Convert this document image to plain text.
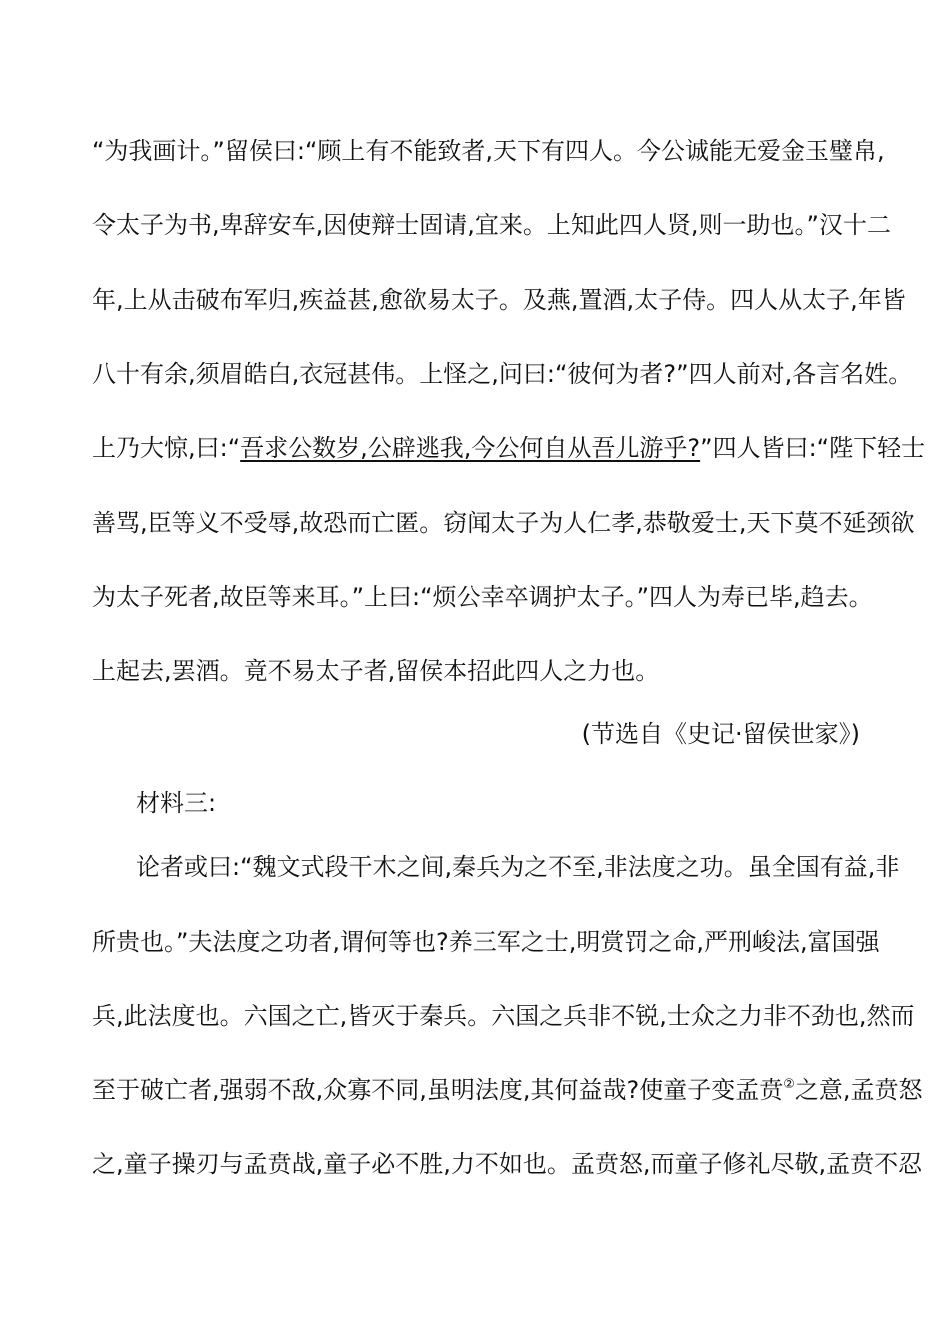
“为我画计。”留侯曰:“顾上有不能致者,天下有四人。今公诚能无爱金玉璧帛,
令太子为书,卑辞安车,因使辩士固请,宜来。上知此四人贤,则一助也。”汉十二
年,上从击破布军归,疾益甚,愈欲易太子。及燕,置酒,太子侍。四人从太子,年皆
八十有余,须眉皓白,衣冠甚伟。上怪之,问曰:“彼何为者?”四人前对,各言名姓。
上乃大惊,曰:“吾求公数岁,公辟逃我,今公何自从吾儿游乎?”四人皆曰:“陛下轻士
善骂,臣等义不受辱,故恐而亡匿。窃闻太子为人仁孝,恭敬爱士,天下莫不延颈欲
为太子死者,故臣等来耳。”上曰:“烦公幸卒调护太子。”四人为寿已毕,趋去。
上起去,罢酒。竟不易太子者,留侯本招此四人之力也。
(节选自《史记·留侯世家》)
材料三:
论者或曰:“魏文式段干木之间,秦兵为之不至,非法度之功。虽全国有益,非
所贵也。”夫法度之功者,谓何等也?养三军之士,明赏罚之命,严刑峻法,富国强
兵,此法度也。六国之亡,皆灭于秦兵。六国之兵非不锐,士众之力非不劲也,然而
至于破亡者,强弱不敌,众寡不同,虽明法度,其何益哉?使童子变孟贲②之意,孟贲怒
之,童子操刃与孟贲战,童子必不胜,力不如也。孟贲怒,而童子修礼尽敬,孟贲不忍
